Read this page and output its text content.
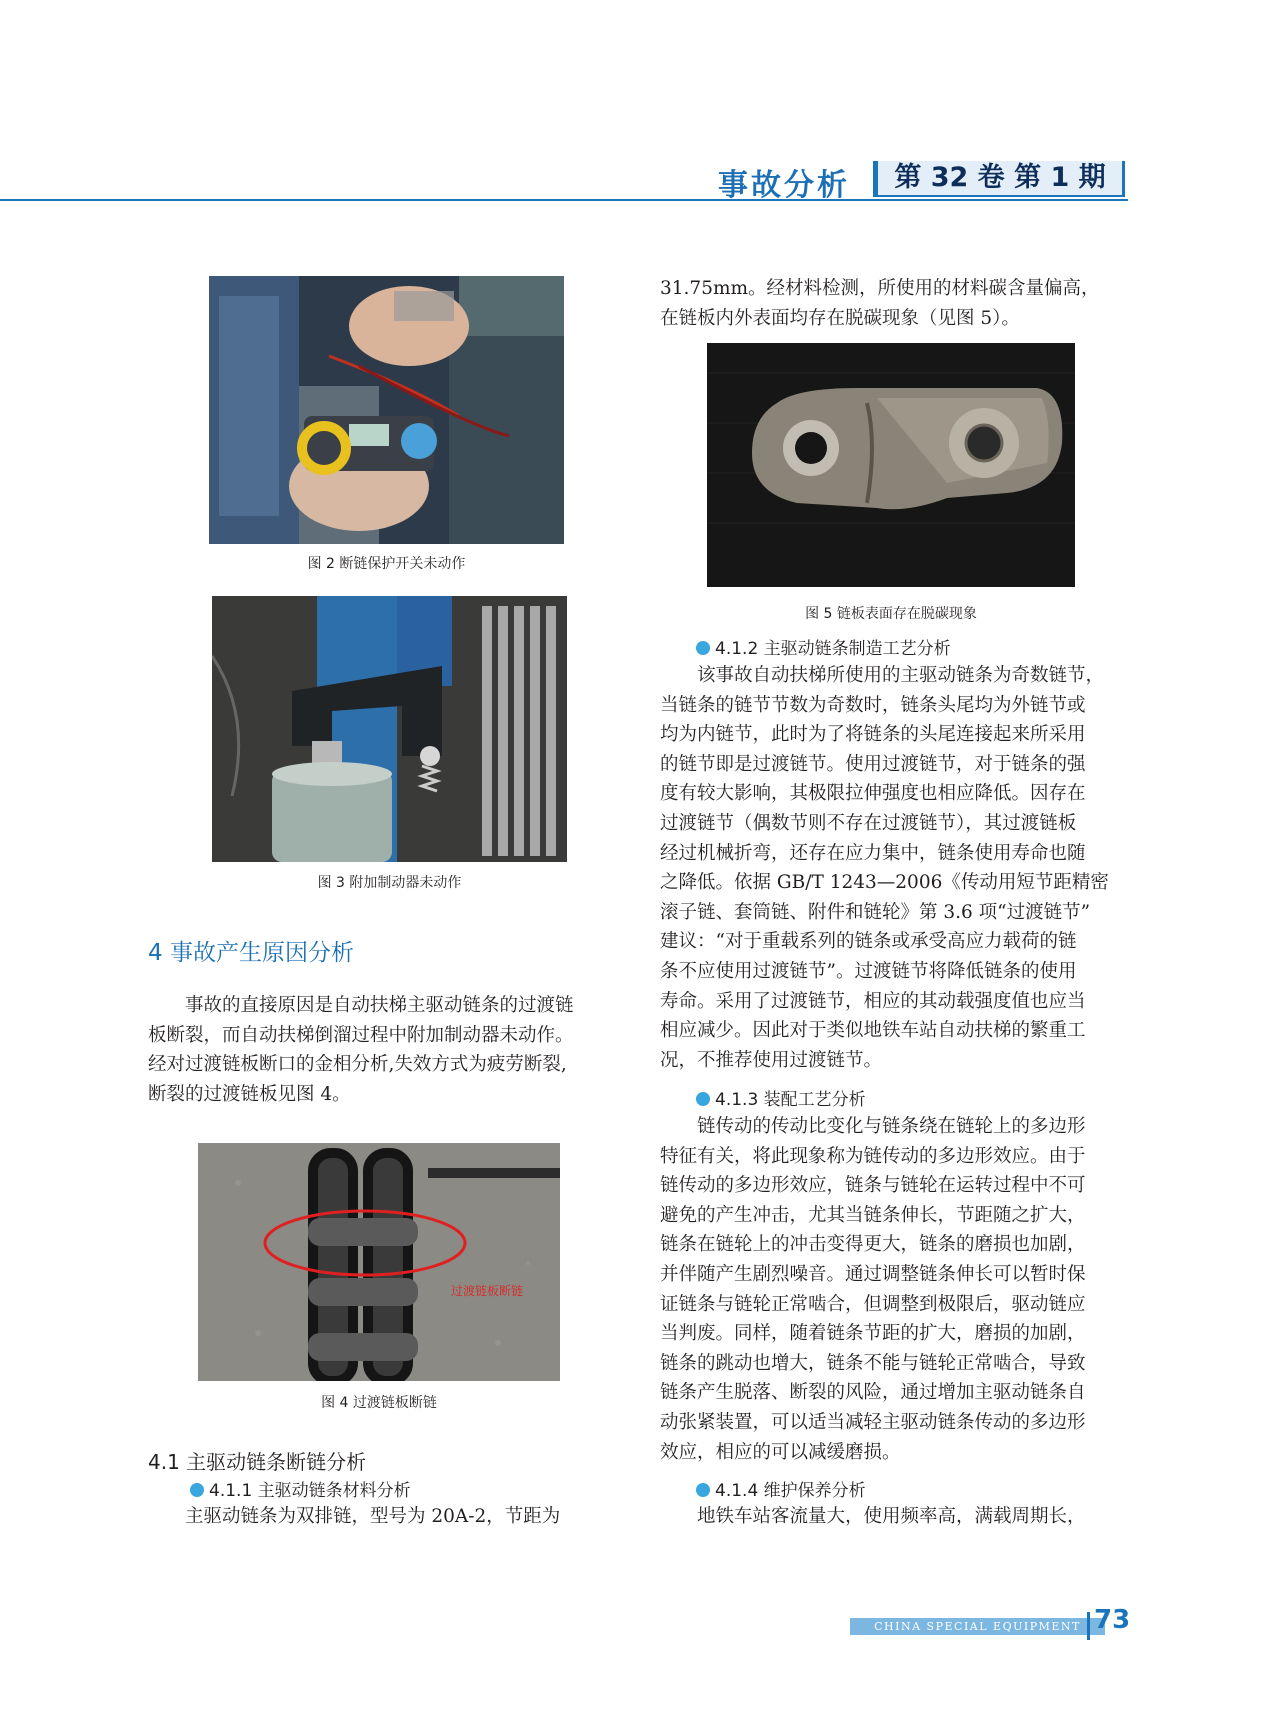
事故分析	第 32 卷 第 1 期
图 2 断链保护开关未动作
图 3 附加制动器未动作
4 事故产生原因分析
事故的直接原因是自动扶梯主驱动链条的过渡链
板断裂，而自动扶梯倒溜过程中附加制动器未动作。
经对过渡链板断口的金相分析,失效方式为疲劳断裂,
断裂的过渡链板见图 4。
过渡链板断链
图 4 过渡链板断链
4.1 主驱动链条断链分析
4.1.1 主驱动链条材料分析
主驱动链条为双排链，型号为 20A-2，节距为
31.75mm。经材料检测，所使用的材料碳含量偏高，
在链板内外表面均存在脱碳现象（见图 5）。
图 5 链板表面存在脱碳现象
4.1.2 主驱动链条制造工艺分析
该事故自动扶梯所使用的主驱动链条为奇数链节，
当链条的链节节数为奇数时，链条头尾均为外链节或
均为内链节，此时为了将链条的头尾连接起来所采用
的链节即是过渡链节。使用过渡链节，对于链条的强
度有较大影响，其极限拉伸强度也相应降低。因存在
过渡链节（偶数节则不存在过渡链节），其过渡链板
经过机械折弯，还存在应力集中，链条使用寿命也随
之降低。依据 GB/T 1243—2006《传动用短节距精密
滚子链、套筒链、附件和链轮》第 3.6 项“过渡链节”
建议：“对于重载系列的链条或承受高应力载荷的链
条不应使用过渡链节”。过渡链节将降低链条的使用
寿命。采用了过渡链节，相应的其动载强度值也应当
相应减少。因此对于类似地铁车站自动扶梯的繁重工
况，不推荐使用过渡链节。
4.1.3 装配工艺分析
链传动的传动比变化与链条绕在链轮上的多边形
特征有关，将此现象称为链传动的多边形效应。由于
链传动的多边形效应，链条与链轮在运转过程中不可
避免的产生冲击，尤其当链条伸长，节距随之扩大，
链条在链轮上的冲击变得更大，链条的磨损也加剧，
并伴随产生剧烈噪音。通过调整链条伸长可以暂时保
证链条与链轮正常啮合，但调整到极限后，驱动链应
当判废。同样，随着链条节距的扩大，磨损的加剧，
链条的跳动也增大，链条不能与链轮正常啮合，导致
链条产生脱落、断裂的风险，通过增加主驱动链条自
动张紧装置，可以适当减轻主驱动链条传动的多边形
效应，相应的可以减缓磨损。
4.1.4 维护保养分析
地铁车站客流量大，使用频率高，满载周期长，
CHINA SPECIAL EQUIPMENT SAFETY
73
